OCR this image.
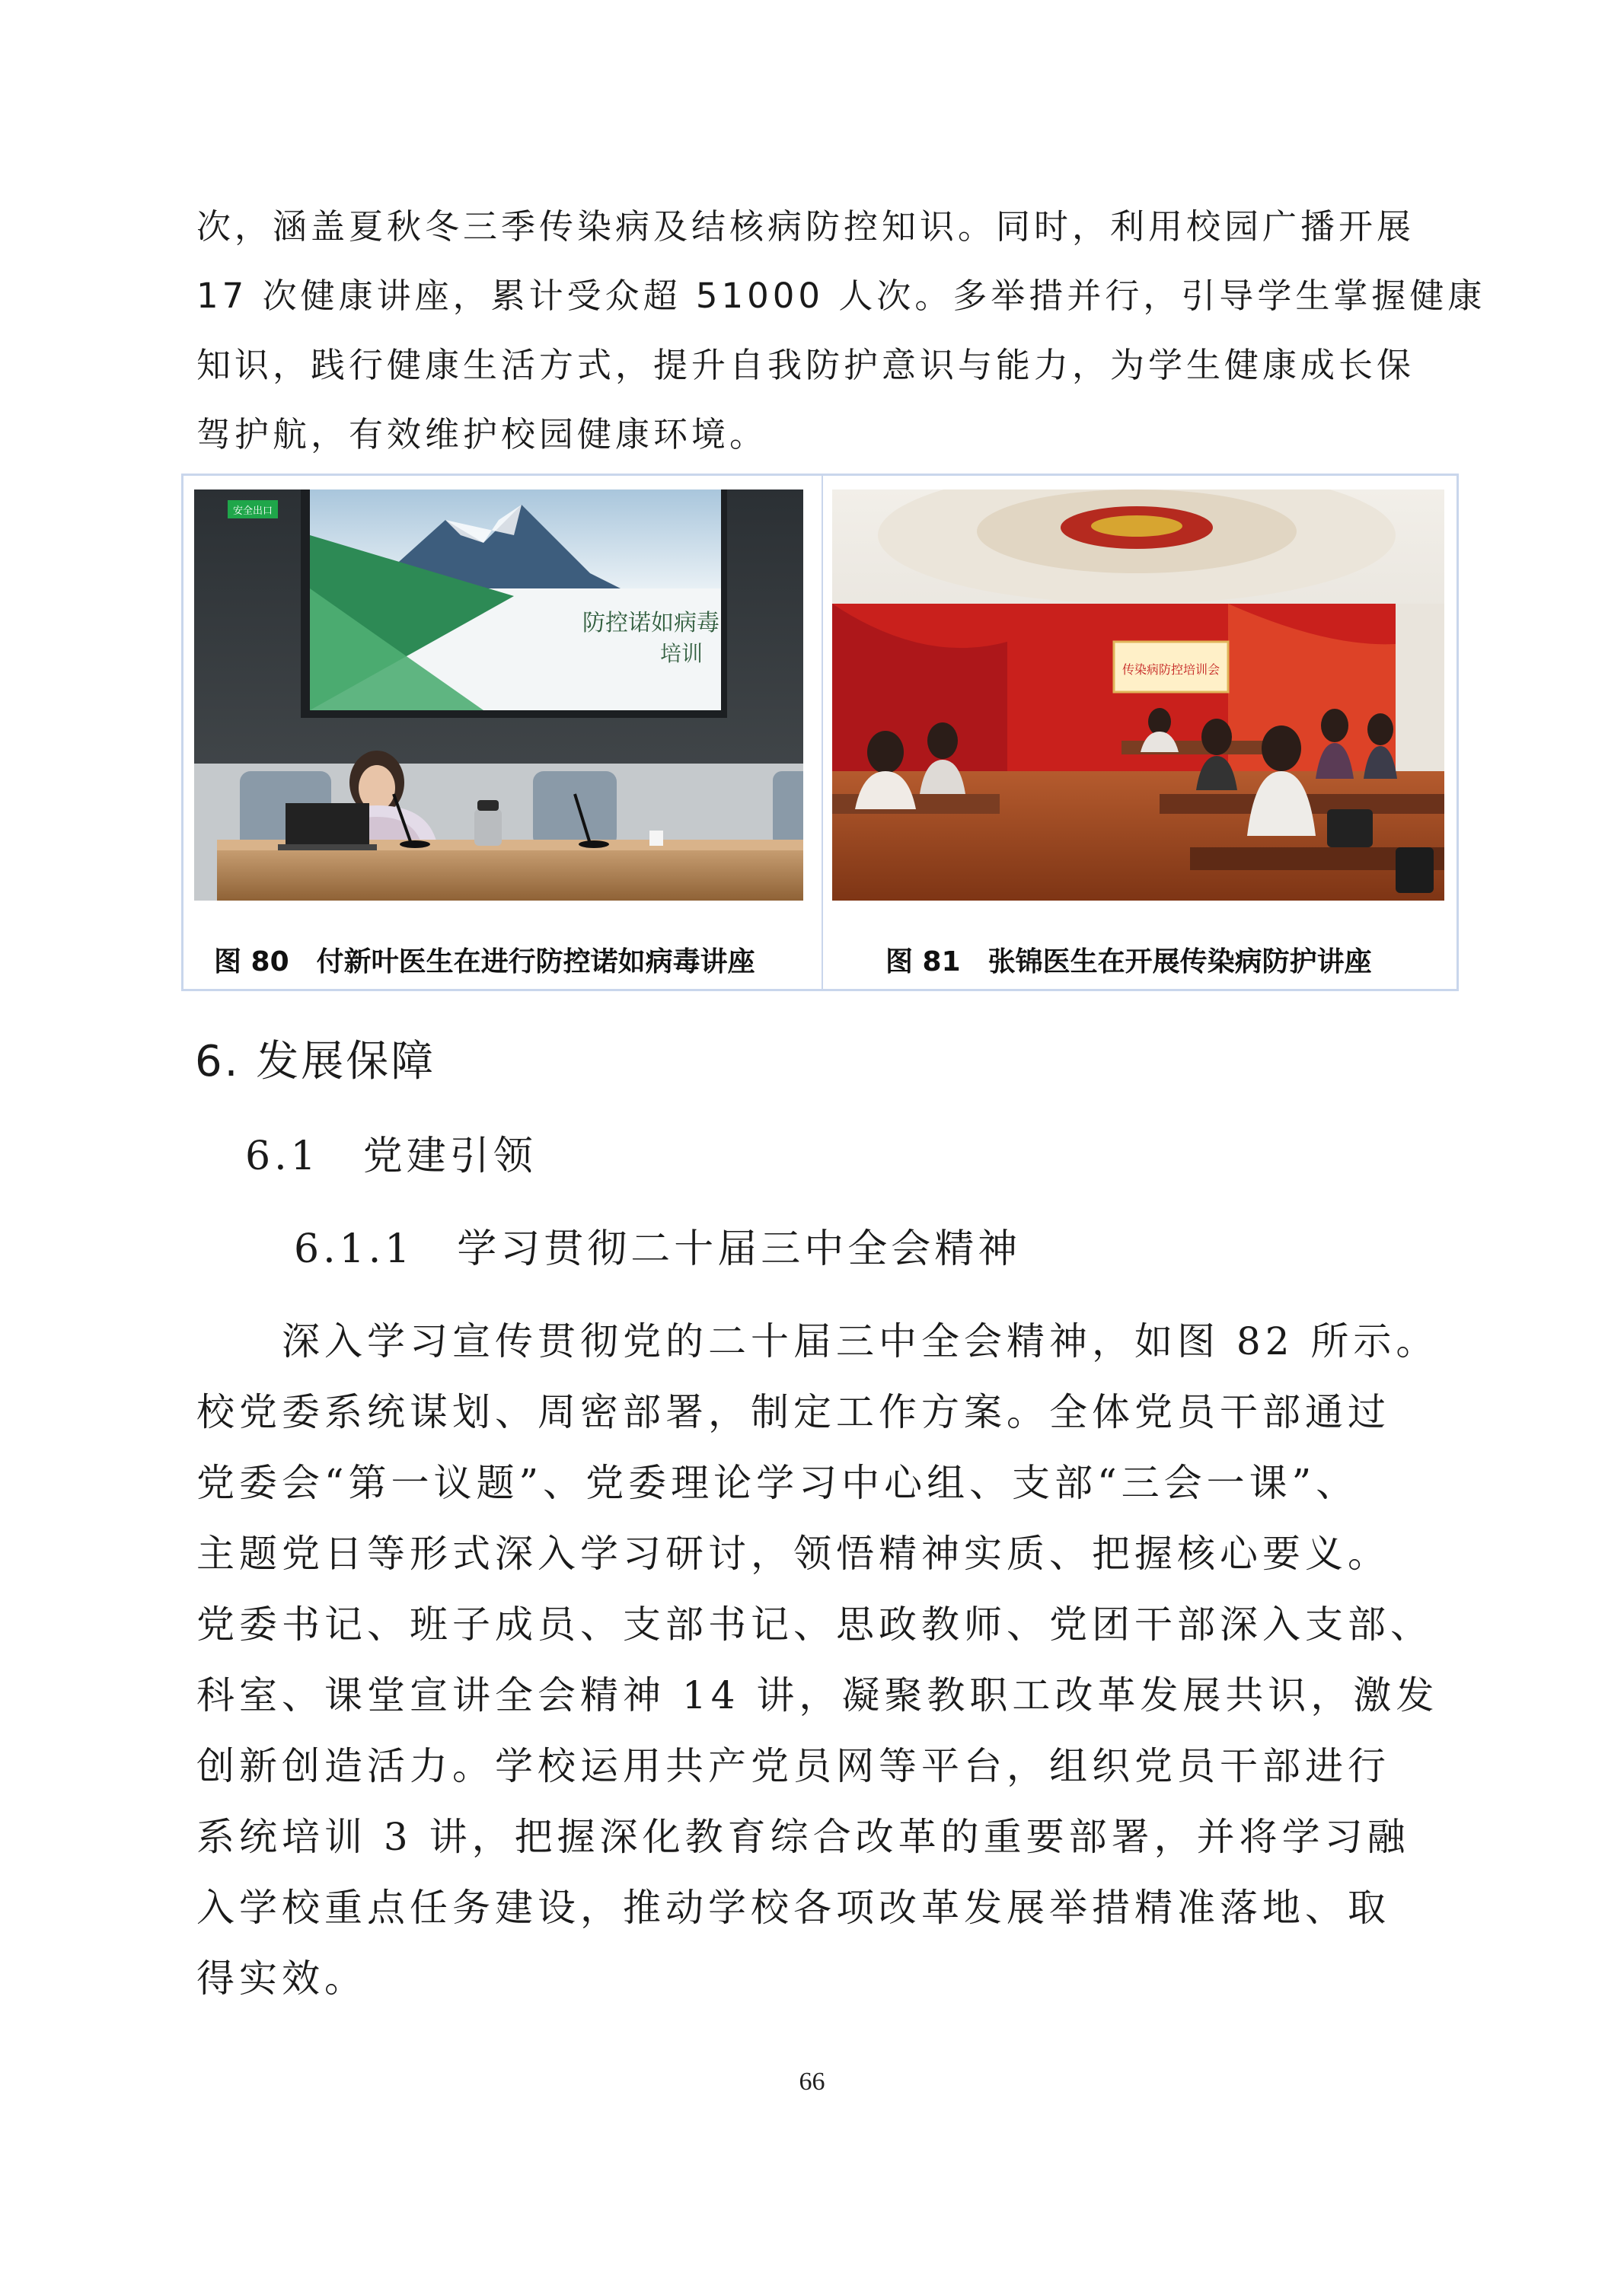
次，涵盖夏秋冬三季传染病及结核病防控知识。同时，利用校园广播开展
17 次健康讲座，累计受众超 51000 人次。多举措并行，引导学生掌握健康
知识，践行健康生活方式，提升自我防护意识与能力，为学生健康成长保
驾护航，有效维护校园健康环境。
防控诺如病毒
培训
安全出口
传染病防控培训会
图 80　付新叶医生在进行防控诺如病毒讲座	图 81　张锦医生在开展传染病防护讲座
6. 发展保障
6.1　党建引领
6.1.1　学习贯彻二十届三中全会精神
　　深入学习宣传贯彻党的二十届三中全会精神，如图 82 所示。
校党委系统谋划、周密部署，制定工作方案。全体党员干部通过
党委会“第一议题”、党委理论学习中心组、支部“三会一课”、
主题党日等形式深入学习研讨，领悟精神实质、把握核心要义。
党委书记、班子成员、支部书记、思政教师、党团干部深入支部、
科室、课堂宣讲全会精神 14 讲，凝聚教职工改革发展共识，激发
创新创造活力。学校运用共产党员网等平台，组织党员干部进行
系统培训 3 讲，把握深化教育综合改革的重要部署，并将学习融
入学校重点任务建设，推动学校各项改革发展举措精准落地、取
得实效。
66
